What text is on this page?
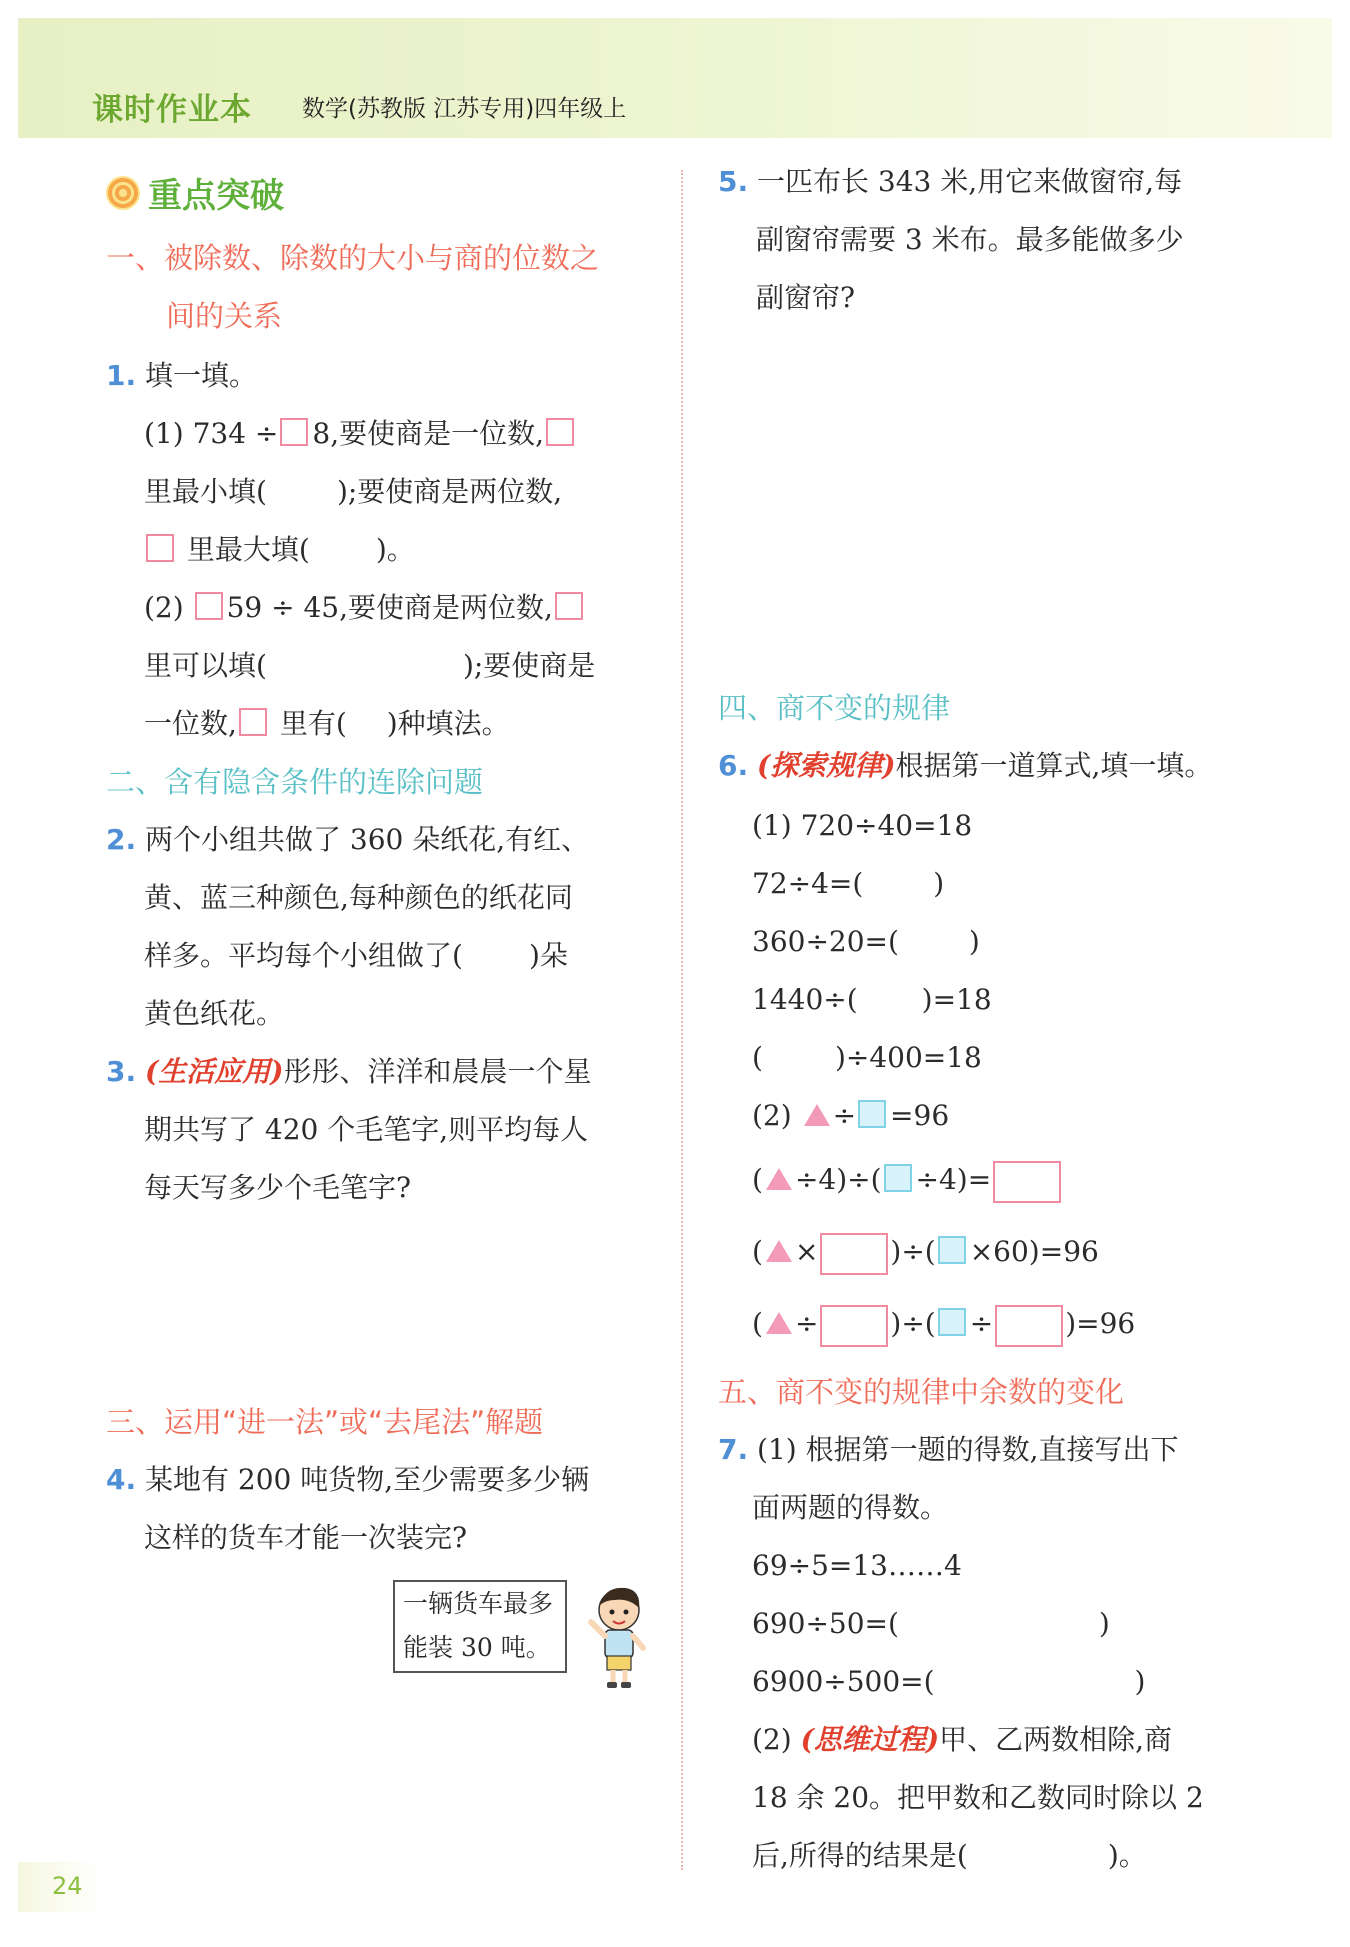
课时作业本 数学(苏教版 江苏专用)四年级上
重点突破
一、被除数、除数的大小与商的位数之
间的关系
1. 填一填。
(1) 734 ÷ 8,要使商是一位数,
里最小填(	);要使商是两位数,
里最大填( )。
(2) 59 ÷ 45,要使商是两位数,
里可以填(	);要使商是
一位数, 里有( )种填法。
二、含有隐含条件的连除问题
2. 两个小组共做了 360 朵纸花,有红、
黄、蓝三种颜色,每种颜色的纸花同
样多。平均每个小组做了( )朵
黄色纸花。
3. (生活应用)彤彤、洋洋和晨晨一个星
期共写了 420 个毛笔字,则平均每人
每天写多少个毛笔字?
三、运用“进一法”或“去尾法”解题
4. 某地有 200 吨货物,至少需要多少辆
这样的货车才能一次装完?
一辆货车最多
能装 30 吨。
5. 一匹布长 343 米,用它来做窗帘,每
副窗帘需要 3 米布。最多能做多少
副窗帘?
四、商不变的规律
6. (探索规律)根据第一道算式,填一填。
(1) 720÷40=18
72÷4=(	)
360÷20=(	)
1440÷( )=18
(	)÷400=18
(2) ÷ =96
( ÷4)÷( ÷4)=
( ×	)÷( ×60)=96
( ÷	)÷( ÷	)=96
五、商不变的规律中余数的变化
7. (1) 根据第一题的得数,直接写出下
面两题的得数。
69÷5=13……4
690÷50=(	)
6900÷500=(	)
(2) (思维过程)甲、乙两数相除,商
18 余 20。把甲数和乙数同时除以 2
后,所得的结果是(	)。
24
